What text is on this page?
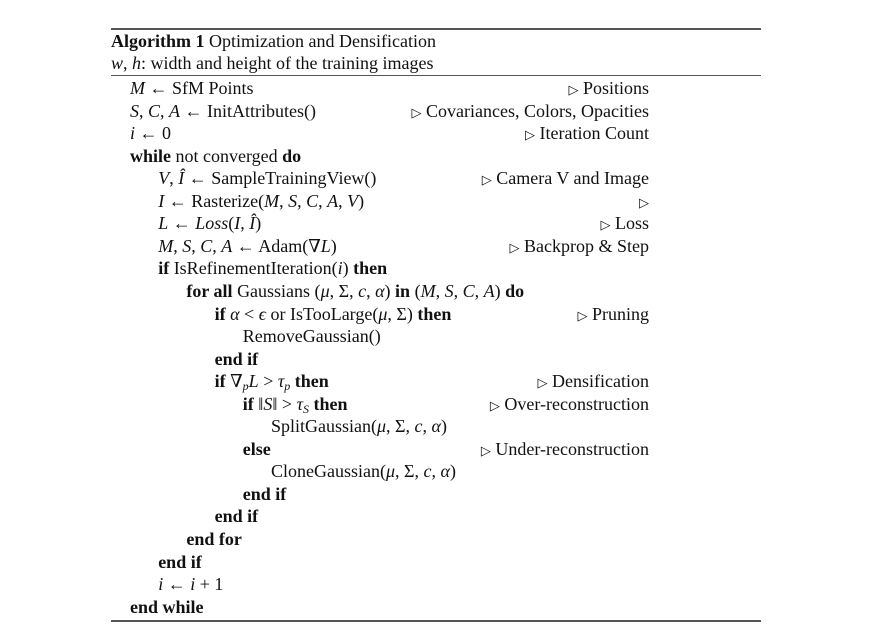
Algorithm 1 Optimization and Densification
w, h: width and height of the training images
M ← SfM Points	▷ Positions
S, C, A ← InitAttributes()	▷ Covariances, Colors, Opacities
i ← 0	▷ Iteration Count
while not converged do
V, Î ← SampleTrainingView()	▷ Camera V and Image
I ← Rasterize(M, S, C, A, V)	▷
L ← Loss(I, Î)	▷ Loss
M, S, C, A ← Adam(∇L)	▷ Backprop & Step
if IsRefinementIteration(i) then
for all Gaussians (μ, Σ, c, α) in (M, S, C, A) do
if α < ϵ or IsTooLarge(μ, Σ) then	▷ Pruning
RemoveGaussian()
end if
if $\nabla_pL > \tau_p$ then	▷ Densification
if ‖S‖ > $\tau_S$ then	▷ Over-reconstruction
SplitGaussian(μ, Σ, c, α)
else	▷ Under-reconstruction
CloneGaussian(μ, Σ, c, α)
end if
end if
end for
end if
i ← i + 1
end while
